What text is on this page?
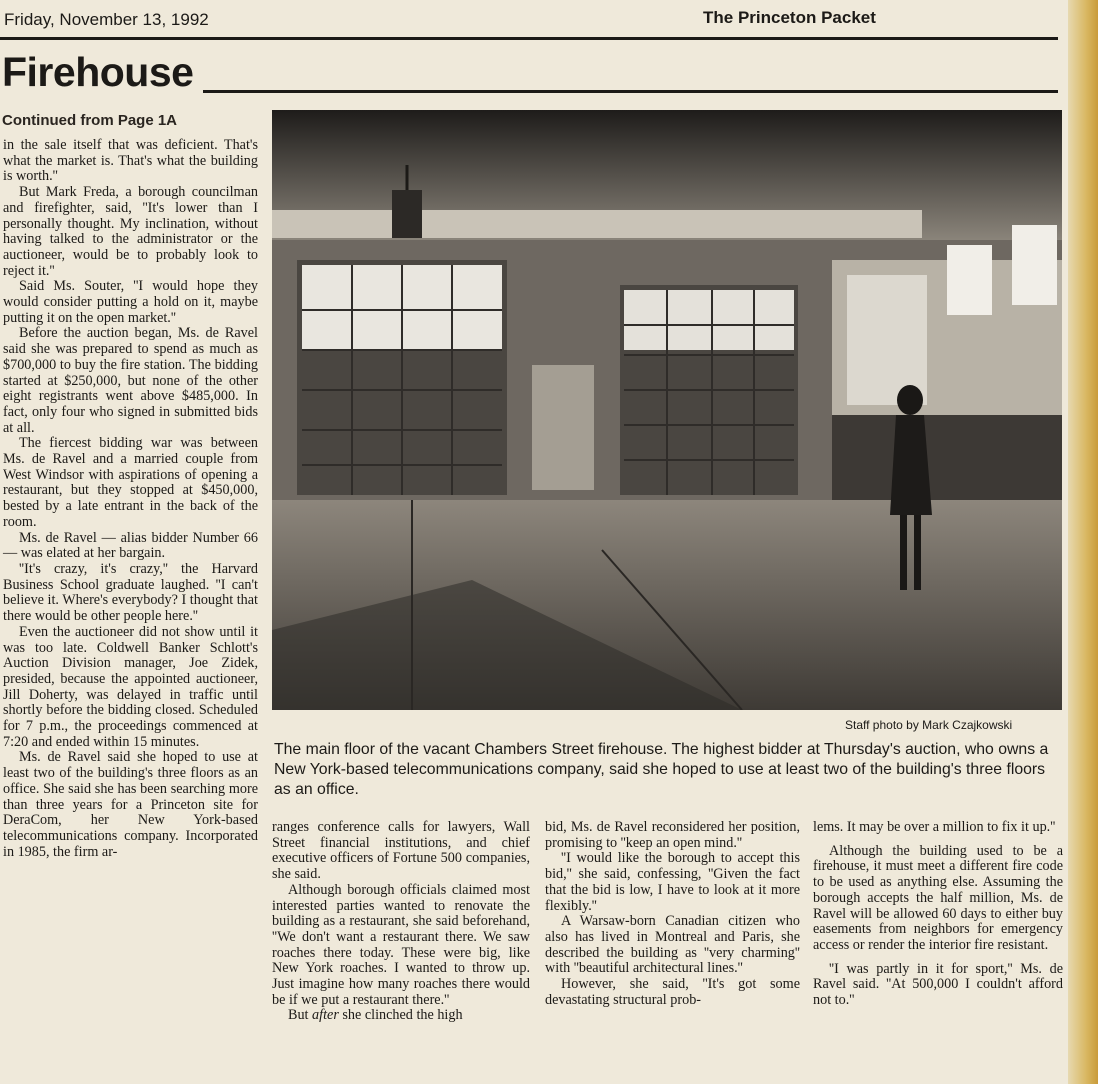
Friday, November 13, 1992	The Princeton Packet
Firehouse
Continued from Page 1A

in the sale itself that was deficient. That's what the market is. That's what the building is worth.''

But Mark Freda, a borough councilman and firefighter, said, ''It's lower than I personally thought. My inclination, without having talked to the administrator or the auctioneer, would be to probably look to reject it.''

Said Ms. Souter, ''I would hope they would consider putting a hold on it, maybe putting it on the open market.''

Before the auction began, Ms. de Ravel said she was prepared to spend as much as $700,000 to buy the fire station. The bidding started at $250,000, but none of the other eight registrants went above $485,000. In fact, only four who signed in submitted bids at all.

The fiercest bidding war was between Ms. de Ravel and a married couple from West Windsor with aspirations of opening a restaurant, but they stopped at $450,000, bested by a late entrant in the back of the room.

Ms. de Ravel — alias bidder Number 66 — was elated at her bargain.

''It's crazy, it's crazy,'' the Harvard Business School graduate laughed. ''I can't believe it. Where's everybody? I thought that there would be other people here.''

Even the auctioneer did not show until it was too late. Coldwell Banker Schlott's Auction Division manager, Joe Zidek, presided, because the appointed auctioneer, Jill Doherty, was delayed in traffic until shortly before the bidding closed. Scheduled for 7 p.m., the proceedings commenced at 7:20 and ended within 15 minutes.

Ms. de Ravel said she hoped to use at least two of the building's three floors as an office. She said she has been searching more than three years for a Princeton site for DeraCom, her New York-based telecommunications company. Incorporated in 1985, the firm ar-

Staff photo by Mark Czajkowski
The main floor of the vacant Chambers Street firehouse. The highest bidder at Thursday's auction, who owns a New York-based telecommunications company, said she hoped to use at least two of the building's three floors as an office.

ranges conference calls for lawyers, Wall Street financial institutions, and chief executive officers of Fortune 500 companies, she said.

Although borough officials claimed most interested parties wanted to renovate the building as a restaurant, she said beforehand, ''We don't want a restaurant there. We saw roaches there today. These were big, like New York roaches. I wanted to throw up. Just imagine how many roaches there would be if we put a restaurant there.''

But after she clinched the high

bid, Ms. de Ravel reconsidered her position, promising to ''keep an open mind.''

''I would like the borough to accept this bid,'' she said, confessing, ''Given the fact that the bid is low, I have to look at it more flexibly.''

A Warsaw-born Canadian citizen who also has lived in Montreal and Paris, she described the building as ''very charming'' with ''beautiful architectural lines.''

However, she said, ''It's got some devastating structural prob-

lems. It may be over a million to fix it up.''

Although the building used to be a firehouse, it must meet a different fire code to be used as anything else. Assuming the borough accepts the half million, Ms. de Ravel will be allowed 60 days to either buy easements from neighbors for emergency access or render the interior fire resistant.

''I was partly in it for sport,'' Ms. de Ravel said. ''At 500,000 I couldn't afford not to.''
